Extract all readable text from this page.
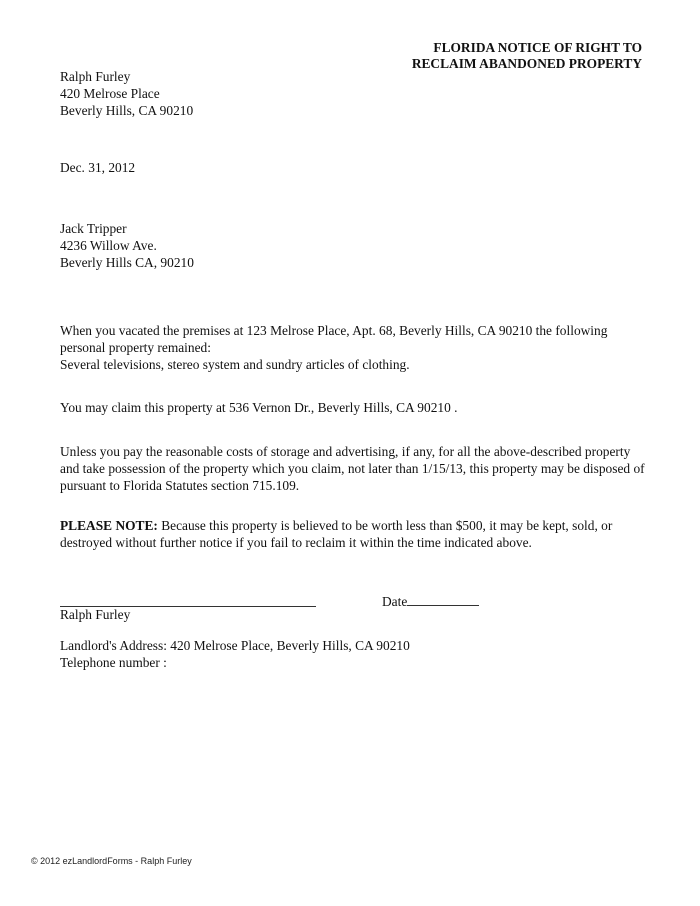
FLORIDA NOTICE OF RIGHT TO
RECLAIM ABANDONED PROPERTY
Ralph Furley
420 Melrose Place
Beverly Hills, CA 90210
Dec. 31, 2012
Jack Tripper
4236 Willow Ave.
Beverly Hills CA, 90210
When you vacated the premises at 123 Melrose Place, Apt. 68, Beverly Hills, CA 90210 the following personal property remained:
Several televisions, stereo system and sundry articles of clothing.
You may claim this property at 536 Vernon Dr., Beverly Hills, CA 90210 .
Unless you pay the reasonable costs of storage and advertising, if any, for all the above-described property and take possession of the property which you claim, not later than 1/15/13, this property may be disposed of pursuant to Florida Statutes section 715.109.
PLEASE NOTE: Because this property is believed to be worth less than $500, it may be kept, sold, or destroyed without further notice if you fail to reclaim it within the time indicated above.
Date
Ralph Furley
Landlord's Address: 420 Melrose Place, Beverly Hills, CA 90210
Telephone number :
© 2012 ezLandlordForms - Ralph Furley
